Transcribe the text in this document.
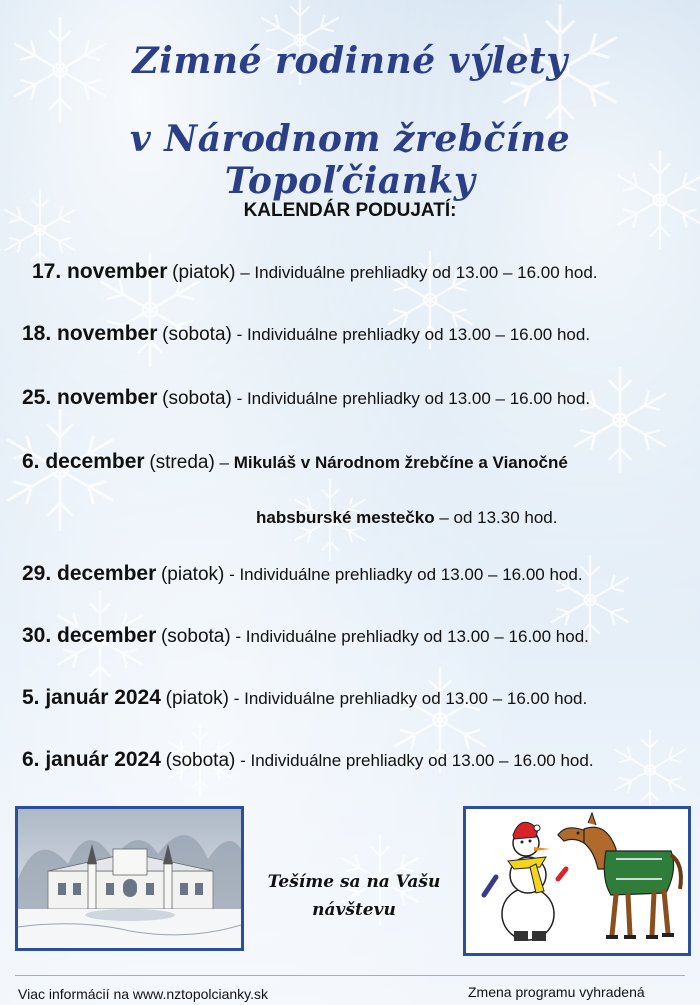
Zimné rodinné výlety
v Národnom žrebčíne Topoľčianky
KALENDÁR PODUJATÍ:
17. november (piatok) – Individuálne prehliadky od 13.00 – 16.00 hod.
18. november (sobota) - Individuálne prehliadky od 13.00 – 16.00 hod.
25. november (sobota) - Individuálne prehliadky od 13.00 – 16.00 hod.
6. december (streda) – Mikuláš v Národnom žrebčíne a Vianočné
habsburské mestečko – od 13.30 hod.
29. december (piatok) - Individuálne prehliadky od 13.00 – 16.00 hod.
30. december (sobota) - Individuálne prehliadky od 13.00 – 16.00 hod.
5. január 2024 (piatok) - Individuálne prehliadky od 13.00 – 16.00 hod.
6. január 2024 (sobota) - Individuálne prehliadky od 13.00 – 16.00 hod.
Tešíme sa na Vašu
návštevu
Viac informácií na www.nztopolcianky.sk	Zmena programu vyhradená
